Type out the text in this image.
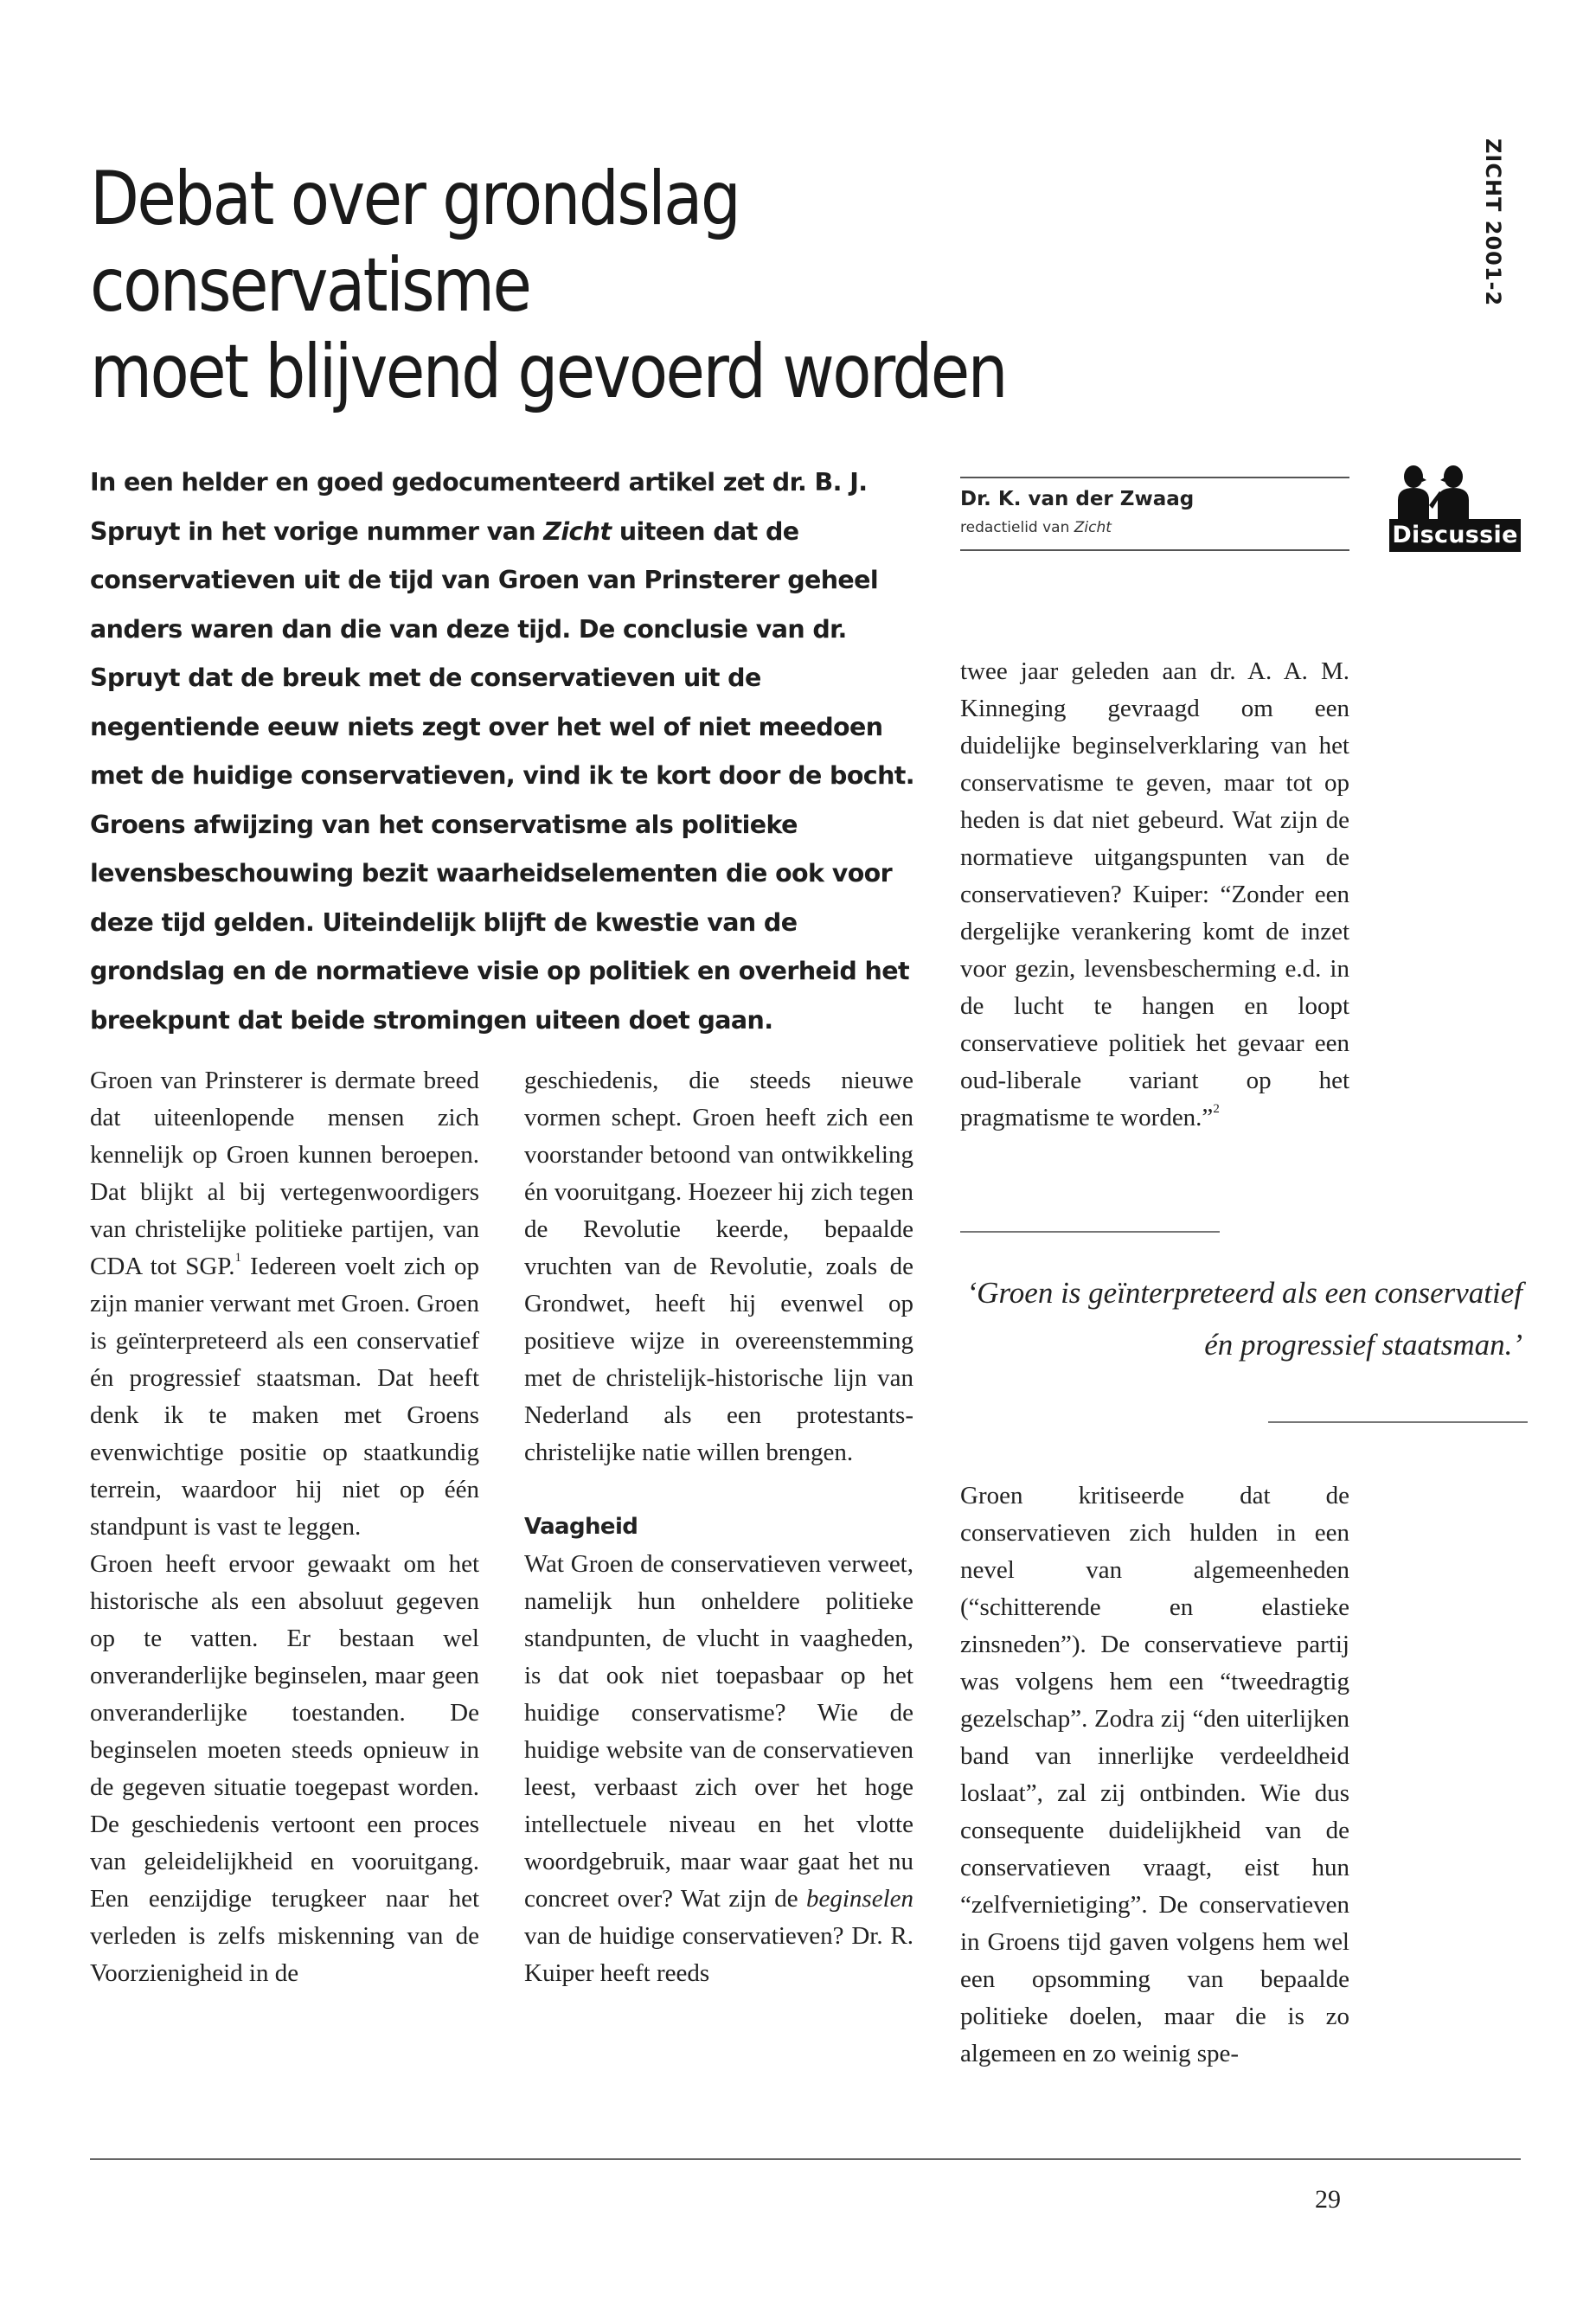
Debat over grondslag conservatisme
moet blijvend gevoerd worden
ZICHT 2001-2
In een helder en goed gedocumenteerd artikel zet dr. B. J. Spruyt in het vorige nummer van Zicht uiteen dat de conservatieven uit de tijd van Groen van Prinsterer geheel anders waren dan die van deze tijd. De conclusie van dr. Spruyt dat de breuk met de conservatieven uit de negentiende eeuw niets zegt over het wel of niet meedoen met de huidige conservatieven, vind ik te kort door de bocht. Groens afwijzing van het conservatisme als politieke levensbeschouwing bezit waarheidselementen die ook voor deze tijd gelden. Uiteindelijk blijft de kwestie van de grondslag en de normatieve visie op politiek en overheid het breekpunt dat beide stromingen uiteen doet gaan.
Dr. K. van der Zwaag
redactielid van Zicht	Discussie

Groen van Prinsterer is dermate breed dat uiteenlopende mensen zich kennelijk op Groen kunnen beroepen. Dat blijkt al bij vertegenwoordigers van christelijke politieke partijen, van CDA tot SGP.$^1$ Iedereen voelt zich op zijn manier verwant met Groen. Groen is geïnterpreteerd als een conservatief én progressief staatsman. Dat heeft denk ik te maken met Groens evenwichtige positie op staatkundig terrein, waardoor hij niet op één standpunt is vast te leggen.

Groen heeft ervoor gewaakt om het historische als een absoluut gegeven op te vatten. Er bestaan wel onveranderlijke beginselen, maar geen onveranderlijke toestanden. De beginselen moeten steeds opnieuw in de gegeven situatie toegepast worden. De geschiedenis vertoont een proces van geleidelijkheid en vooruitgang. Een eenzijdige terugkeer naar het verleden is zelfs miskenning van de Voorzienigheid in de

geschiedenis, die steeds nieuwe vormen schept. Groen heeft zich een voorstander betoond van ontwikkeling én vooruitgang. Hoezeer hij zich tegen de Revolutie keerde, bepaalde vruchten van de Revolutie, zoals de Grondwet, heeft hij evenwel op positieve wijze in overeenstemming met de christelijk-historische lijn van Nederland als een protestants-christelijke natie willen brengen.

Vaagheid

Wat Groen de conservatieven verweet, namelijk hun onheldere politieke standpunten, de vlucht in vaagheden, is dat ook niet toepasbaar op het huidige conservatisme? Wie de huidige website van de conservatieven leest, verbaast zich over het hoge intellectuele niveau en het vlotte woordgebruik, maar waar gaat het nu concreet over? Wat zijn de beginselen van de huidige conservatieven? Dr. R. Kuiper heeft reeds

twee jaar geleden aan dr. A. A. M. Kinneging gevraagd om een duidelijke beginselverklaring van het conservatisme te geven, maar tot op heden is dat niet gebeurd. Wat zijn de normatieve uitgangspunten van de conservatieven? Kuiper: “Zonder een dergelijke verankering komt de inzet voor gezin, levensbescherming e.d. in de lucht te hangen en loopt conservatieve politiek het gevaar een oud-liberale variant op het pragmatisme te worden.”$^2$

‘Groen is geïnterpreteerd als een conservatief én progressief staatsman.’

Groen kritiseerde dat de conservatieven zich hulden in een nevel van algemeenheden (“schitterende en elastieke zinsneden”). De conservatieve partij was volgens hem een “tweedragtig gezelschap”. Zodra zij “den uiterlijken band van innerlijke verdeeldheid loslaat”, zal zij ontbinden. Wie dus consequente duidelijkheid van de conservatieven vraagt, eist hun “zelfvernietiging”. De conservatieven in Groens tijd gaven volgens hem wel een opsomming van bepaalde politieke doelen, maar die is zo algemeen en zo weinig spe-

29
